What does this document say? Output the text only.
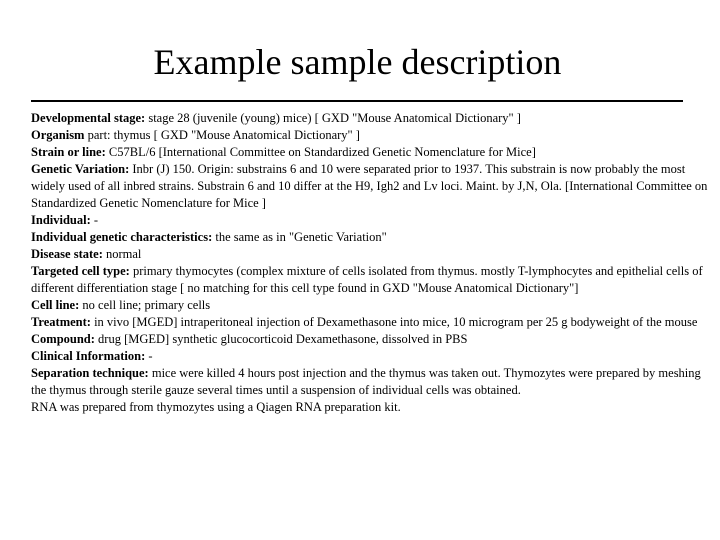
Example sample description

Developmental stage: stage 28 (juvenile (young) mice) [ GXD "Mouse Anatomical Dictionary" ]

Organism part: thymus [ GXD "Mouse Anatomical Dictionary" ]

Strain or line: C57BL/6 [International Committee on Standardized Genetic Nomenclature for Mice]

Genetic Variation: Inbr (J) 150. Origin: substrains 6 and 10 were separated prior to 1937. This substrain is now probably the most widely used of all inbred strains. Substrain 6 and 10 differ at the H9, Igh2 and Lv loci. Maint. by J,N, Ola. [International Committee on Standardized Genetic Nomenclature for Mice ]

Individual: -

Individual genetic characteristics: the same as in "Genetic Variation"

Disease state: normal

Targeted cell type: primary thymocytes (complex mixture of cells isolated from thymus. mostly T-lymphocytes and epithelial cells of different differentiation stage [ no matching for this cell type found in GXD "Mouse Anatomical Dictionary"]

Cell line: no cell line; primary cells

Treatment: in vivo [MGED] intraperitoneal injection of Dexamethasone into mice, 10 microgram per 25 g bodyweight of the mouse

Compound: drug [MGED] synthetic glucocorticoid Dexamethasone, dissolved in PBS

Clinical Information: -

Separation technique: mice were killed 4 hours post injection and the thymus was taken out. Thymozytes were prepared by meshing the thymus through sterile gauze several times until a suspension of individual cells was obtained.

RNA was prepared from thymozytes using a Qiagen RNA preparation kit.
